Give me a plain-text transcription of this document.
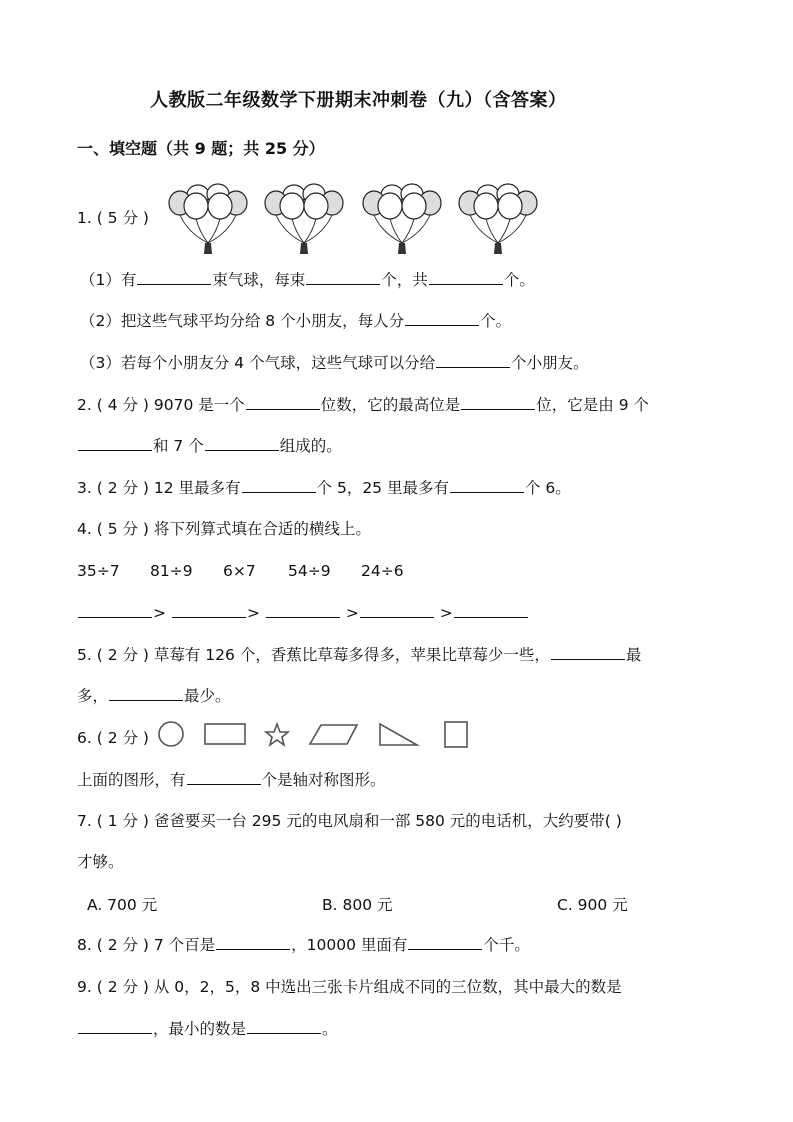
人教版二年级数学下册期末冲刺卷（九）（含答案）
一、填空题（共 9 题；共 25 分）
1. ( 5 分 )
（1）有	束气球，每束	个，共	个。
（2）把这些气球平均分给 8 个小朋友，每人分	个。
（3）若每个小朋友分 4 个气球，这些气球可以分给	个小朋友。
2. ( 4 分 ) 9070 是一个	位数，它的最高位是	位，它是由 9 个
和 7 个	组成的。
3. ( 2 分 ) 12 里最多有	个 5，25 里最多有	个 6。
4. ( 5 分 ) 将下列算式填在合适的横线上。
35÷7 81÷9 6×7 54÷9 24÷6
>	>	>	>
5. ( 2 分 ) 草莓有 126 个，香蕉比草莓多得多，苹果比草莓少一些，	最
多，	最少。
6. ( 2 分 )
上面的图形，有	个是轴对称图形。
7. ( 1 分 ) 爸爸要买一台 295 元的电风扇和一部 580 元的电话机，大约要带( )
才够。
A. 700 元	B. 800 元	C. 900 元
8. ( 2 分 ) 7 个百是	，10000 里面有	个千。
9. ( 2 分 ) 从 0，2，5，8 中选出三张卡片组成不同的三位数，其中最大的数是
，最小的数是	。
